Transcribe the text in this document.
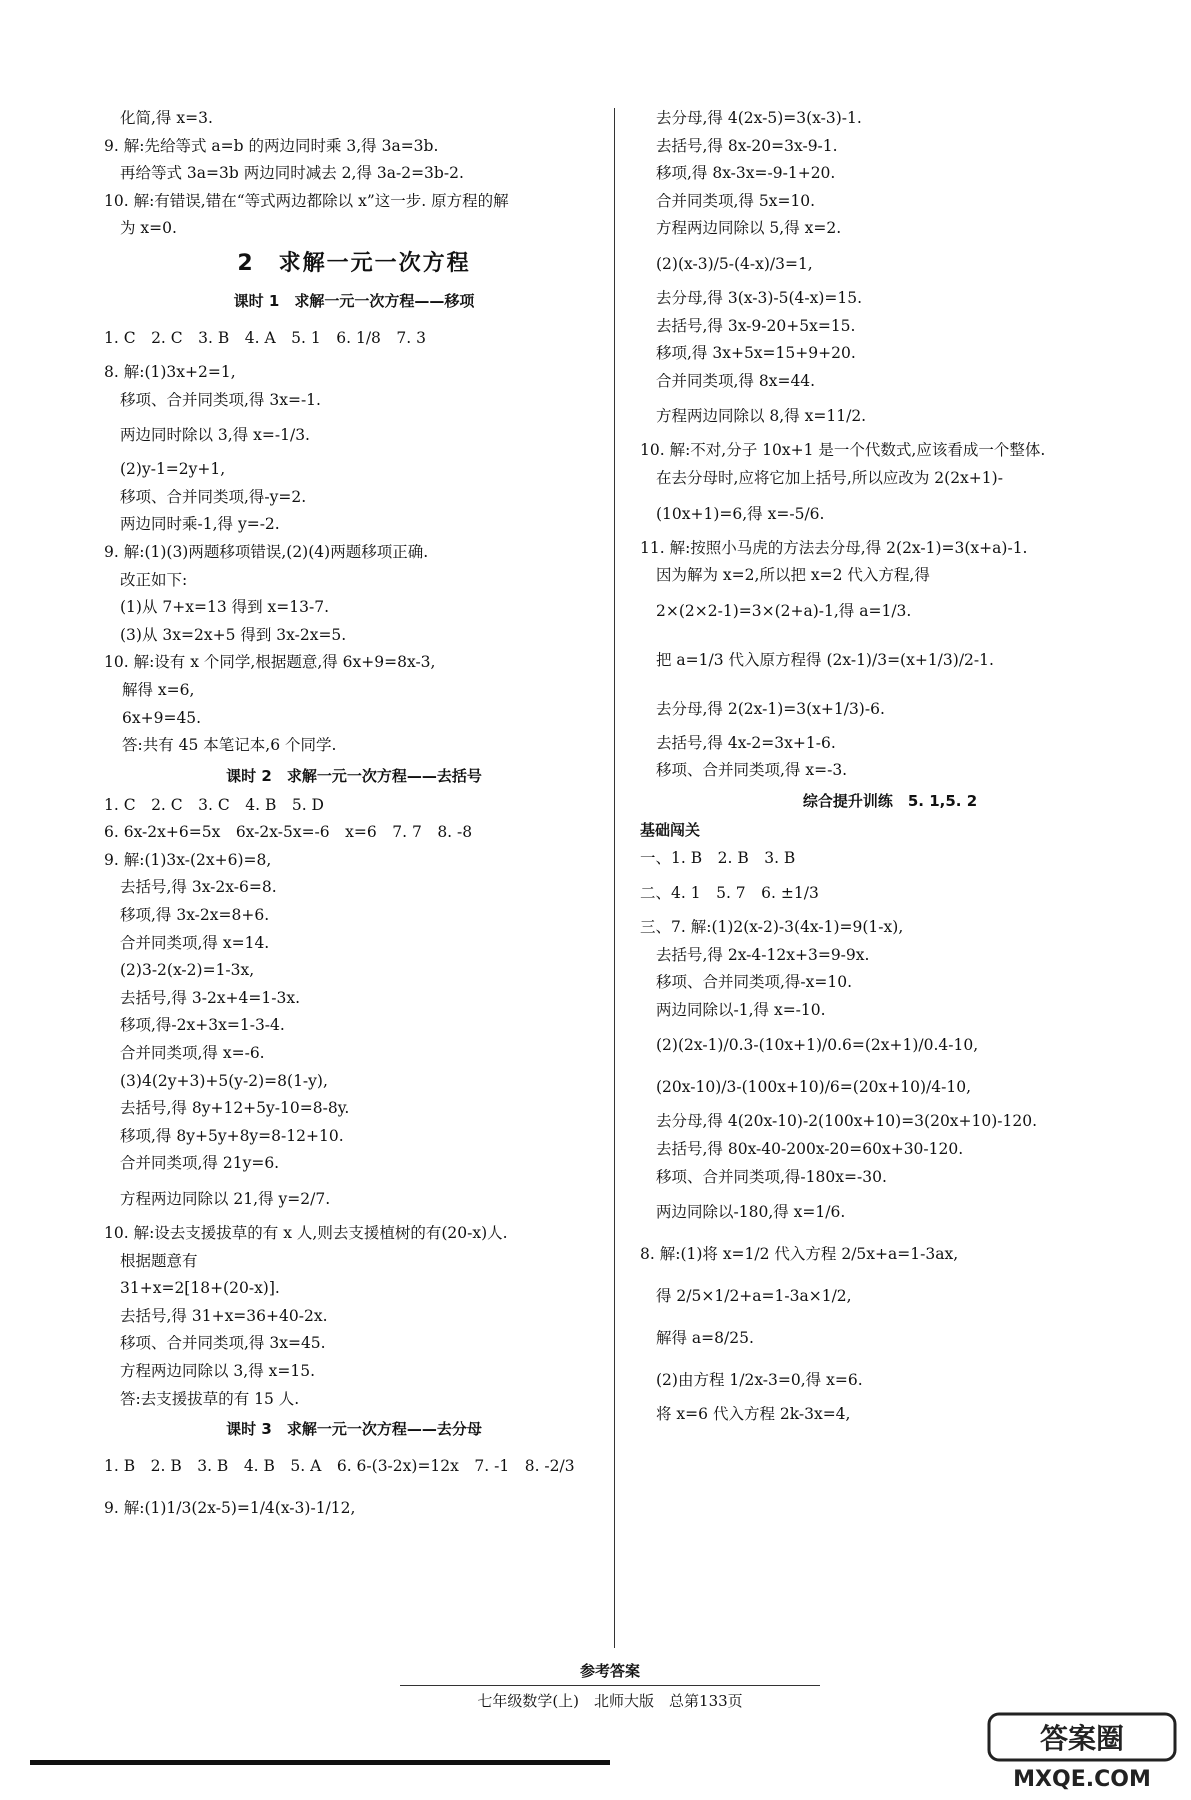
化简,得 x=3.
9. 解:先给等式 a=b 的两边同时乘 3,得 3a=3b.
再给等式 3a=3b 两边同时减去 2,得 3a-2=3b-2.
10. 解:有错误,错在“等式两边都除以 x”这一步. 原方程的解
为 x=0.
2　求解一元一次方程
课时 1　求解一元一次方程——移项
1. C　2. C　3. B　4. A　5. 1　6. 1/8　7. 3
8. 解:(1)3x+2=1,
移项、合并同类项,得 3x=-1.
两边同时除以 3,得 x=-1/3.
(2)y-1=2y+1,
移项、合并同类项,得-y=2.
两边同时乘-1,得 y=-2.
9. 解:(1)(3)两题移项错误,(2)(4)两题移项正确.
改正如下:
(1)从 7+x=13 得到 x=13-7.
(3)从 3x=2x+5 得到 3x-2x=5.
10. 解:设有 x 个同学,根据题意,得 6x+9=8x-3,
解得 x=6,
6x+9=45.
答:共有 45 本笔记本,6 个同学.
课时 2　求解一元一次方程——去括号
1. C　2. C　3. C　4. B　5. D
6. 6x-2x+6=5x　6x-2x-5x=-6　x=6　7. 7　8. -8
9. 解:(1)3x-(2x+6)=8,
去括号,得 3x-2x-6=8.
移项,得 3x-2x=8+6.
合并同类项,得 x=14.
(2)3-2(x-2)=1-3x,
去括号,得 3-2x+4=1-3x.
移项,得-2x+3x=1-3-4.
合并同类项,得 x=-6.
(3)4(2y+3)+5(y-2)=8(1-y),
去括号,得 8y+12+5y-10=8-8y.
移项,得 8y+5y+8y=8-12+10.
合并同类项,得 21y=6.
方程两边同除以 21,得 y=2/7.
10. 解:设去支援拔草的有 x 人,则去支援植树的有(20-x)人.
根据题意有
31+x=2[18+(20-x)].
去括号,得 31+x=36+40-2x.
移项、合并同类项,得 3x=45.
方程两边同除以 3,得 x=15.
答:去支援拔草的有 15 人.
课时 3　求解一元一次方程——去分母
1. B　2. B　3. B　4. B　5. A　6. 6-(3-2x)=12x　7. -1　8. -2/3
9. 解:(1)1/3(2x-5)=1/4(x-3)-1/12,
去分母,得 4(2x-5)=3(x-3)-1.
去括号,得 8x-20=3x-9-1.
移项,得 8x-3x=-9-1+20.
合并同类项,得 5x=10.
方程两边同除以 5,得 x=2.
(2)(x-3)/5-(4-x)/3=1,
去分母,得 3(x-3)-5(4-x)=15.
去括号,得 3x-9-20+5x=15.
移项,得 3x+5x=15+9+20.
合并同类项,得 8x=44.
方程两边同除以 8,得 x=11/2.
10. 解:不对,分子 10x+1 是一个代数式,应该看成一个整体.
在去分母时,应将它加上括号,所以应改为 2(2x+1)-
(10x+1)=6,得 x=-5/6.
11. 解:按照小马虎的方法去分母,得 2(2x-1)=3(x+a)-1.
因为解为 x=2,所以把 x=2 代入方程,得
2×(2×2-1)=3×(2+a)-1,得 a=1/3.
把 a=1/3 代入原方程得 (2x-1)/3=(x+1/3)/2-1.
去分母,得 2(2x-1)=3(x+1/3)-6.
去括号,得 4x-2=3x+1-6.
移项、合并同类项,得 x=-3.
综合提升训练　5. 1,5. 2
基础闯关
一、1. B　2. B　3. B
二、4. 1　5. 7　6. ±1/3
三、7. 解:(1)2(x-2)-3(4x-1)=9(1-x),
去括号,得 2x-4-12x+3=9-9x.
移项、合并同类项,得-x=10.
两边同除以-1,得 x=-10.
(2)(2x-1)/0.3-(10x+1)/0.6=(2x+1)/0.4-10,
(20x-10)/3-(100x+10)/6=(20x+10)/4-10,
去分母,得 4(20x-10)-2(100x+10)=3(20x+10)-120.
去括号,得 80x-40-200x-20=60x+30-120.
移项、合并同类项,得-180x=-30.
两边同除以-180,得 x=1/6.
8. 解:(1)将 x=1/2 代入方程 2/5x+a=1-3ax,
得 2/5×1/2+a=1-3a×1/2,
解得 a=8/25.
(2)由方程 1/2x-3=0,得 x=6.
将 x=6 代入方程 2k-3x=4,
参考答案
七年级数学(上)　北师大版　总第133页
答案圈
MXQE.COM
